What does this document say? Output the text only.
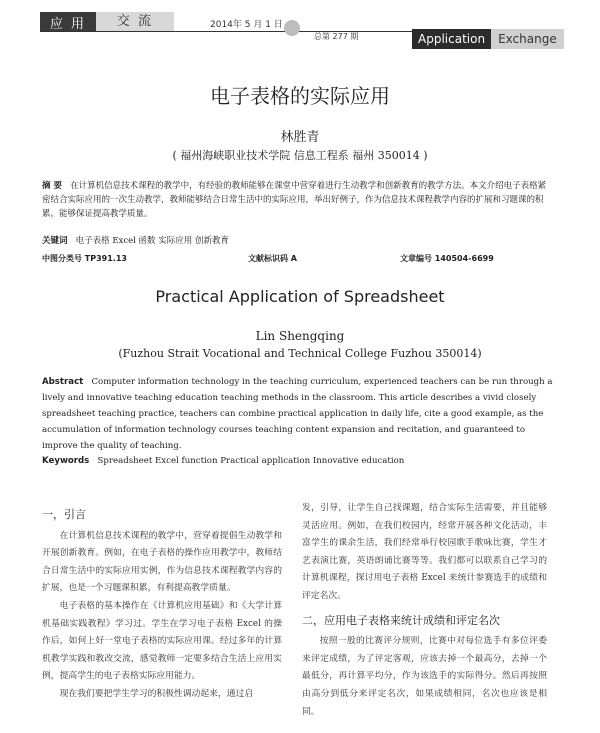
应 用	交 流	2014年 5 月 1 日
总第 277 期	Application	Exchange
电子表格的实际应用
林胜青
( 福州海峡职业技术学院 信息工程系 福州 350014 )
摘 要 在计算机信息技术课程的教学中，有经验的教师能够在课堂中营穿着进行生动教学和创新教育的教学方法。本文介绍电子表格紧密结合实际应用的一次生动教学，教师能够结合日常生活中的实际应用，举出好例子，作为信息技术课程教学内容的扩展和习题课的积累，能够保证提高教学质量。
关键词 电子表格 Excel 函数 实际应用 创新教育
中图分类号 TP391.13	文献标识码 A	文章编号 140504-6699
Practical Application of Spreadsheet
Lin Shengqing
(Fuzhou Strait Vocational and Technical College Fuzhou 350014)
Abstract Computer information technology in the teaching curriculum, experienced teachers can be run through a lively and innovative teaching education teaching methods in the classroom. This article describes a vivid closely spreadsheet teaching practice, teachers can combine practical application in daily life, cite a good example, as the accumulation of information technology courses teaching content expansion and recitation, and guaranteed to improve the quality of teaching.
Keywords Spreadsheet Excel function Practical application Innovative education
一，引言

在计算机信息技术课程的教学中，营穿着提倡生动教学和开展创新教育。例如，在电子表格的操作应用教学中，教师结合日常生活中的实际应用实例，作为信息技术课程教学内容的扩展，也是一个习题课积累，有利提高教学质量。

电子表格的基本操作在《计算机应用基础》和《大学计算机基础实践教程》学习过。学生在学习电子表格 Excel 的操作后，如何上好一堂电子表格的实际应用课。经过多年的计算机教学实践和教改交流，感觉教师一定要多结合生活上应用实例，提高学生的电子表格实际应用能力。

现在我们要把学生学习的积极性调动起来，通过启

发，引导，让学生自己找课题，结合实际生活需要，并且能够灵活应用。例如，在我们校园内，经常开展各种文化活动，丰富学生的课余生活，我们经常举行校园歌手歌咏比赛，学生才艺表演比赛，英语朗诵比赛等等。我们都可以联系自己学习的计算机课程，探讨用电子表格 Excel 来统计参赛选手的成绩和评定名次。

二，应用电子表格来统计成绩和评定名次

按照一般的比赛评分规则，比赛中对每位选手有多位评委来评定成绩，为了评定客观，应该去掉一个最高分，去掉一个最低分，再计算平均分，作为该选手的实际得分。然后再按照由高分到低分来评定名次，如果成绩相同，名次也应该是相同。
